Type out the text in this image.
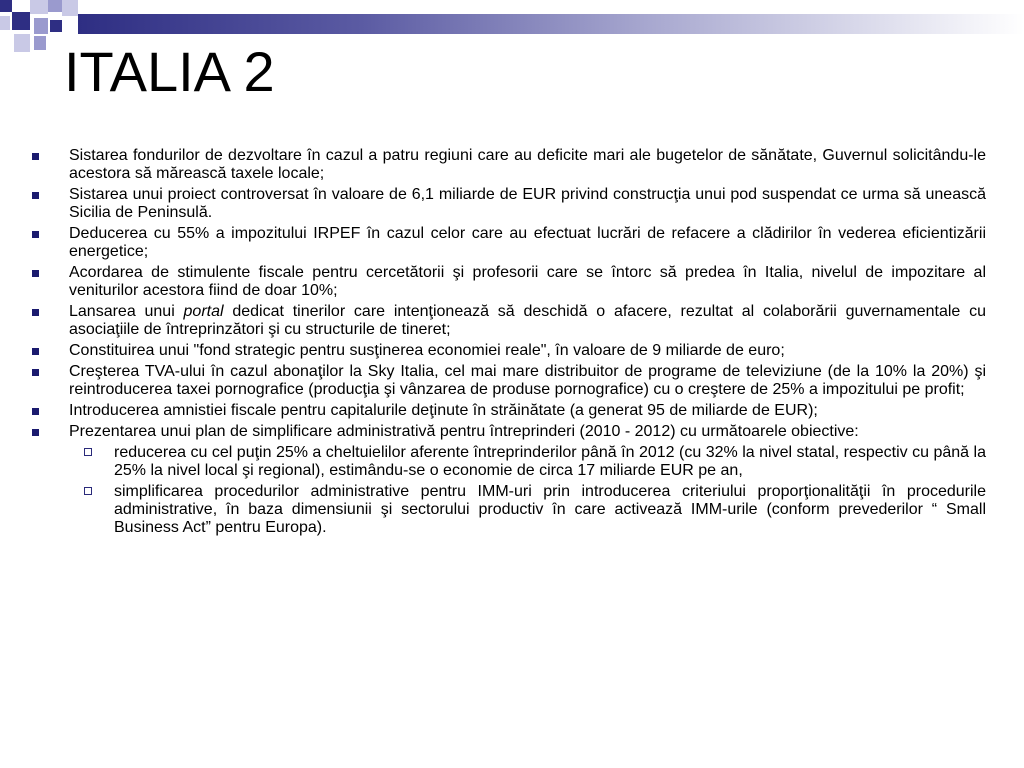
ITALIA 2
Sistarea fondurilor de dezvoltare în cazul a patru regiuni care au deficite mari ale bugetelor de sănătate, Guvernul solicitându-le acestora să mărească taxele locale;
Sistarea unui proiect controversat în valoare de 6,1 miliarde de EUR privind construcţia unui pod suspendat ce urma să unească Sicilia de Peninsulă.
Deducerea cu 55% a impozitului IRPEF în cazul celor care au efectuat lucrări de refacere a clădirilor în vederea eficientizării energetice;
Acordarea de stimulente fiscale pentru cercetătorii şi profesorii care se întorc să predea în Italia, nivelul de impozitare al veniturilor acestora fiind de doar 10%;
Lansarea unui portal dedicat tinerilor care intenţionează să deschidă o afacere, rezultat al colaborării guvernamentale cu asociaţiile de întreprinzători şi cu structurile de tineret;
Constituirea unui "fond strategic pentru susţinerea economiei reale", în valoare de 9 miliarde de euro;
Creşterea TVA-ului în cazul abonaţilor la Sky Italia, cel mai mare distribuitor de programe de televiziune (de la 10% la 20%) şi reintroducerea taxei pornografice (producţia şi vânzarea de produse pornografice) cu o creştere de 25% a impozitului pe profit;
Introducerea amnistiei fiscale pentru capitalurile deţinute în străinătate (a generat 95 de miliarde de EUR);
Prezentarea unui plan de simplificare administrativă pentru întreprinderi (2010 - 2012) cu următoarele obiective:
reducerea cu cel puţin 25% a cheltuielilor aferente întreprinderilor până în 2012 (cu 32% la nivel statal, respectiv cu până la 25% la nivel local şi regional), estimându-se o economie de circa 17 miliarde EUR pe an,
simplificarea procedurilor administrative pentru IMM-uri prin introducerea criteriului proporţionalităţii în procedurile administrative, în baza dimensiunii şi sectorului productiv în care activează IMM-urile (conform prevederilor “ Small Business Act” pentru Europa).
